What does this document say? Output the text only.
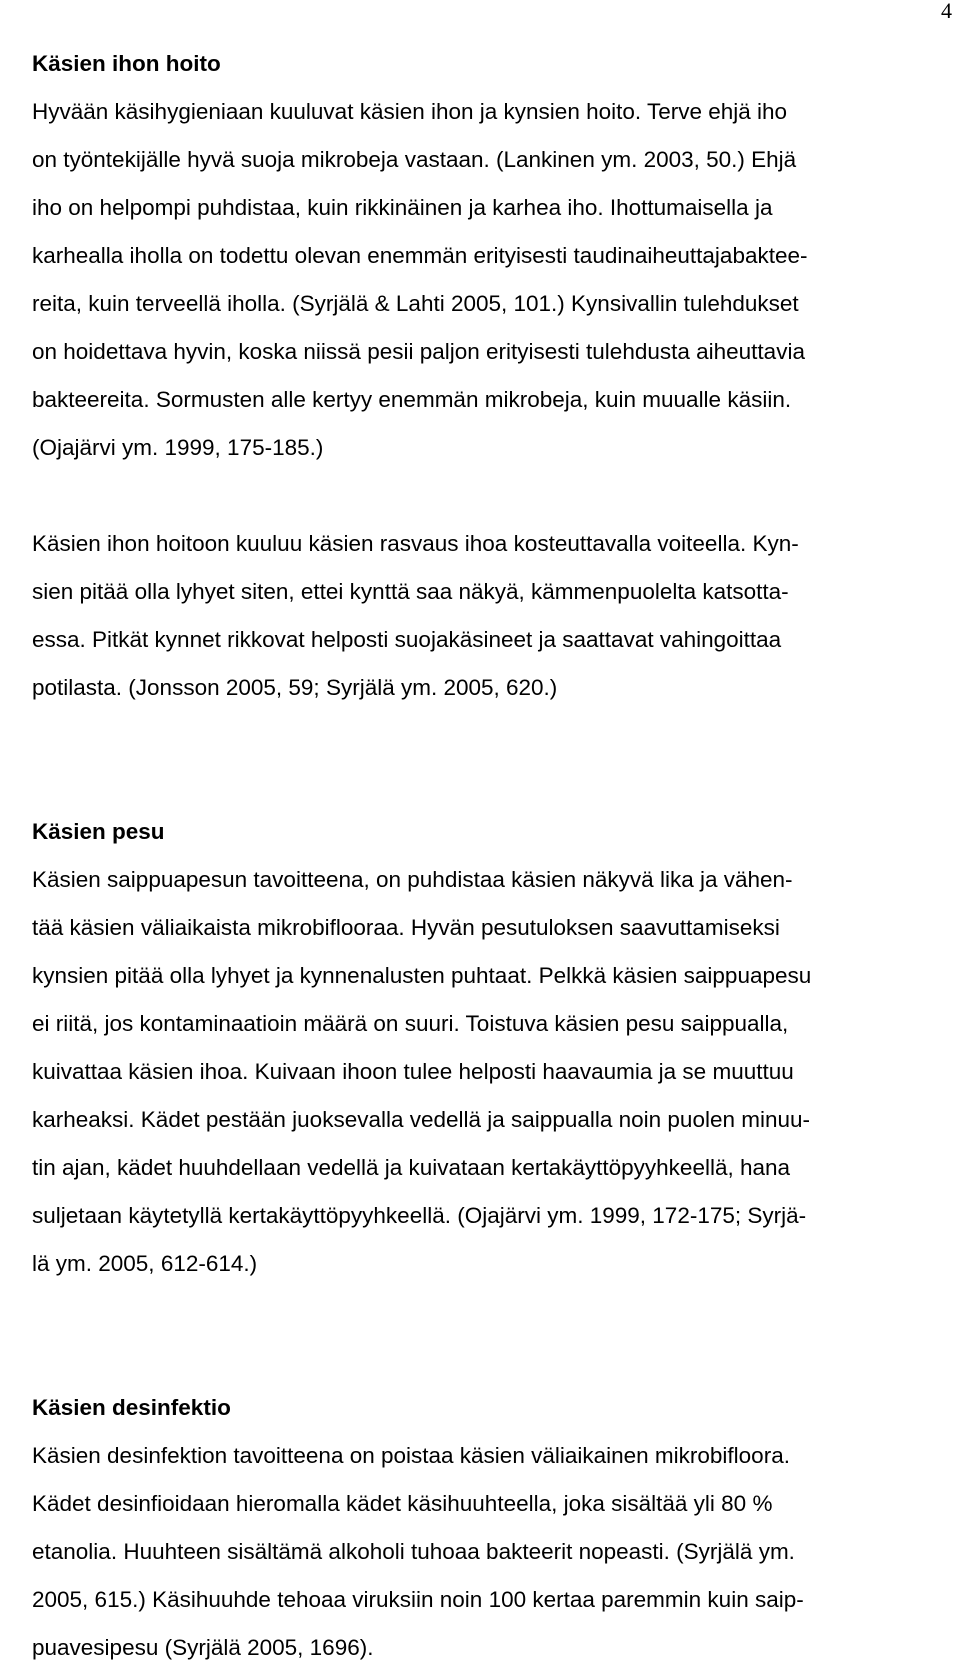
4
Käsien ihon hoito
Hyvään käsihygieniaan kuuluvat käsien ihon ja kynsien hoito. Terve ehjä iho
on työntekijälle hyvä suoja mikrobeja vastaan. (Lankinen ym. 2003, 50.) Ehjä
iho on helpompi puhdistaa, kuin rikkinäinen ja karhea iho. Ihottumaisella ja
karhealla iholla on todettu olevan enemmän erityisesti taudinaiheuttajabaktee-
reita, kuin terveellä iholla. (Syrjälä & Lahti 2005, 101.) Kynsivallin tulehdukset
on hoidettava hyvin, koska niissä pesii paljon erityisesti tulehdusta aiheuttavia
bakteereita. Sormusten alle kertyy enemmän mikrobeja, kuin muualle käsiin.
(Ojajärvi ym. 1999, 175-185.)
Käsien ihon hoitoon kuuluu käsien rasvaus ihoa kosteuttavalla voiteella. Kyn-
sien pitää olla lyhyet siten, ettei kynttä saa näkyä, kämmenpuolelta katsotta-
essa. Pitkät kynnet rikkovat helposti suojakäsineet ja saattavat vahingoittaa
potilasta. (Jonsson 2005, 59; Syrjälä ym. 2005, 620.)
Käsien pesu
Käsien saippuapesun tavoitteena, on puhdistaa käsien näkyvä lika ja vähen-
tää käsien väliaikaista mikrobiflooraa. Hyvän pesutuloksen saavuttamiseksi
kynsien pitää olla lyhyet ja kynnenalusten puhtaat. Pelkkä käsien saippuapesu
ei riitä, jos kontaminaatioin määrä on suuri. Toistuva käsien pesu saippualla,
kuivattaa käsien ihoa. Kuivaan ihoon tulee helposti haavaumia ja se muuttuu
karheaksi. Kädet pestään juoksevalla vedellä ja saippualla noin puolen minuu-
tin ajan, kädet huuhdellaan vedellä ja kuivataan kertakäyttöpyyhkeellä, hana
suljetaan käytetyllä kertakäyttöpyyhkeellä. (Ojajärvi ym. 1999, 172-175; Syrjä-
lä ym. 2005, 612-614.)
Käsien desinfektio
Käsien desinfektion tavoitteena on poistaa käsien väliaikainen mikrobifloora.
Kädet desinfioidaan hieromalla kädet käsihuuhteella, joka sisältää yli 80 %
etanolia. Huuhteen sisältämä alkoholi tuhoaa bakteerit nopeasti. (Syrjälä ym.
2005, 615.) Käsihuuhde tehoaa viruksiin noin 100 kertaa paremmin kuin saip-
puavesipesu (Syrjälä 2005, 1696).
